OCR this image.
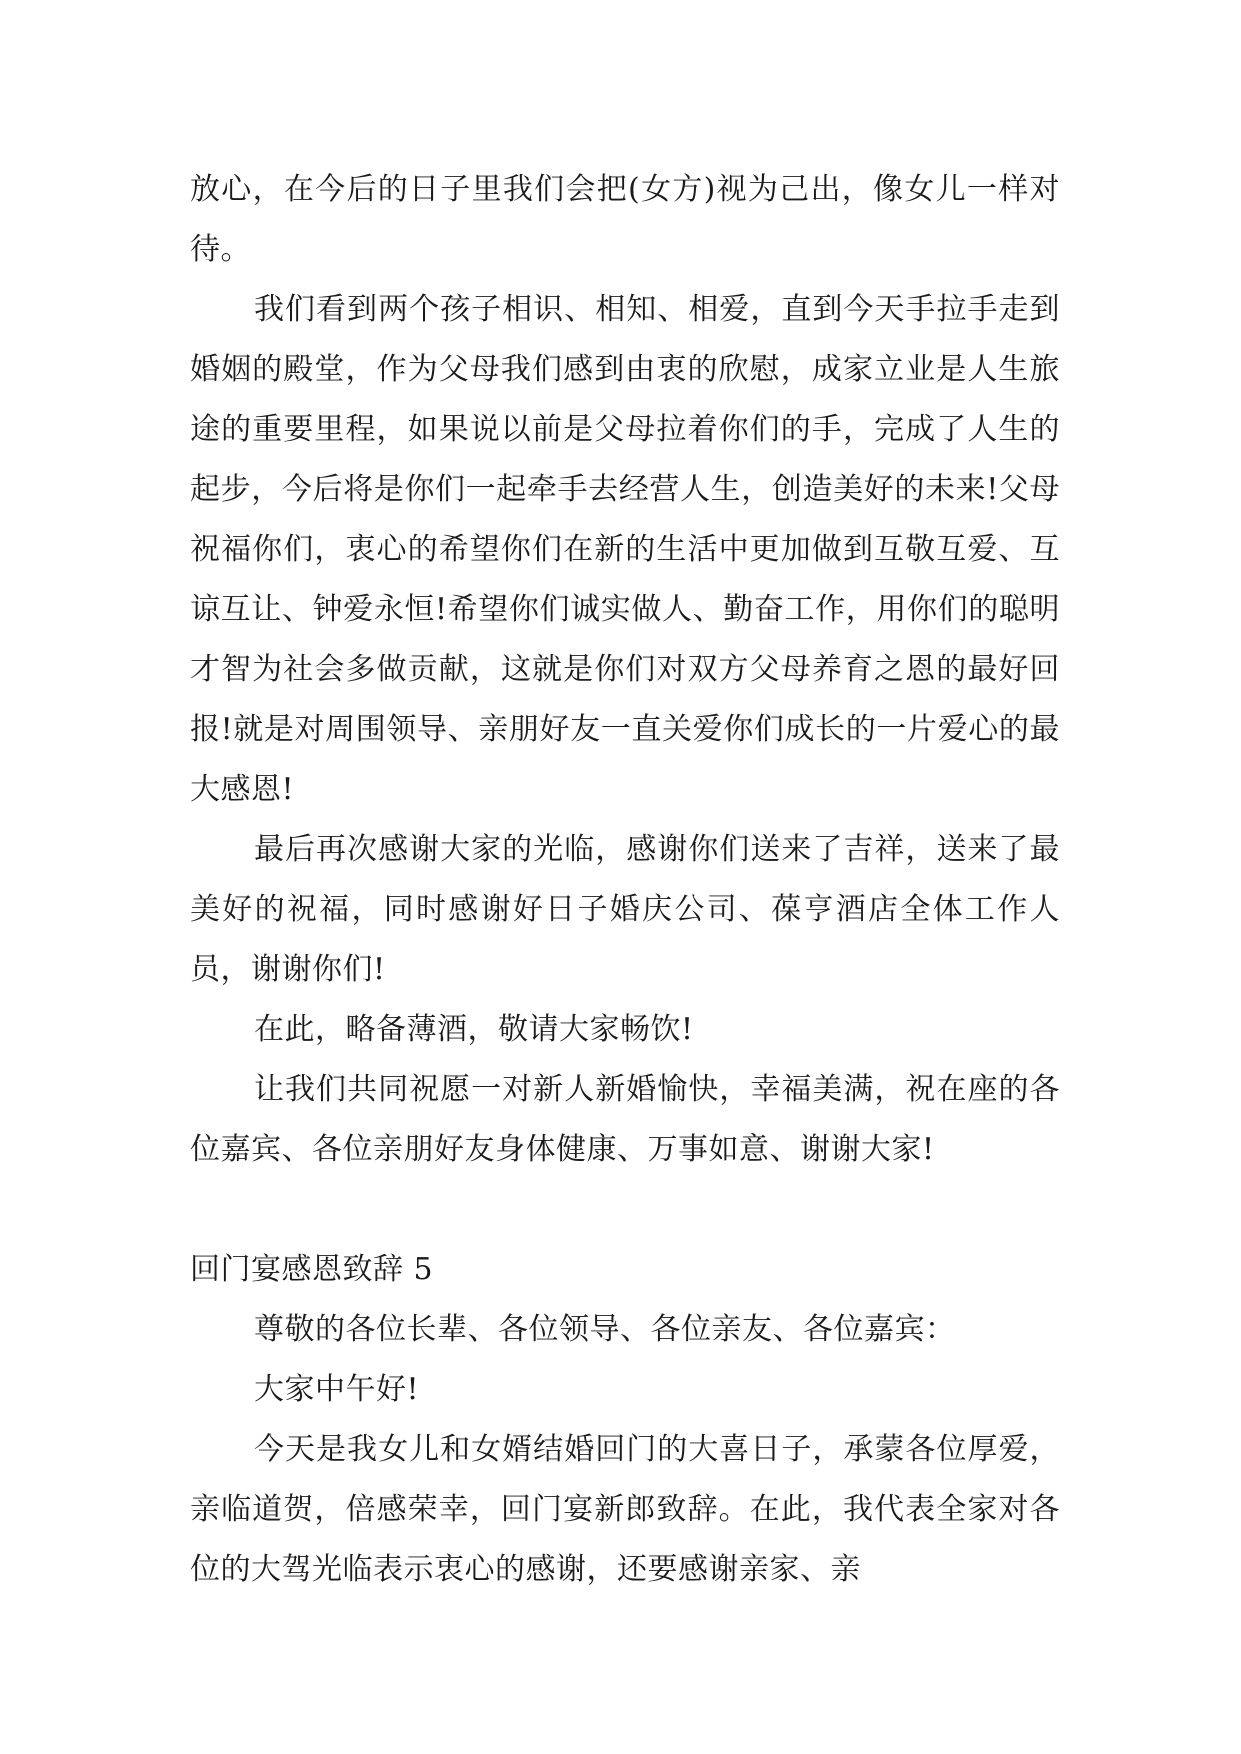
放心，在今后的日子里我们会把(女方)视为己出，像女儿一样对待。

我们看到两个孩子相识、相知、相爱，直到今天手拉手走到婚姻的殿堂，作为父母我们感到由衷的欣慰，成家立业是人生旅途的重要里程，如果说以前是父母拉着你们的手，完成了人生的起步，今后将是你们一起牵手去经营人生，创造美好的未来!父母祝福你们，衷心的希望你们在新的生活中更加做到互敬互爱、互谅互让、钟爱永恒!希望你们诚实做人、勤奋工作，用你们的聪明才智为社会多做贡献，这就是你们对双方父母养育之恩的最好回报!就是对周围领导、亲朋好友一直关爱你们成长的一片爱心的最大感恩!

最后再次感谢大家的光临，感谢你们送来了吉祥，送来了最美好的祝福，同时感谢好日子婚庆公司、葆亨酒店全体工作人员，谢谢你们!

在此，略备薄酒，敬请大家畅饮!

让我们共同祝愿一对新人新婚愉快，幸福美满，祝在座的各位嘉宾、各位亲朋好友身体健康、万事如意、谢谢大家!

回门宴感恩致辞 5

尊敬的各位长辈、各位领导、各位亲友、各位嘉宾：

大家中午好!

今天是我女儿和女婿结婚回门的大喜日子，承蒙各位厚爱，亲临道贺，倍感荣幸，回门宴新郎致辞。在此，我代表全家对各位的大驾光临表示衷心的感谢，还要感谢亲家、亲
